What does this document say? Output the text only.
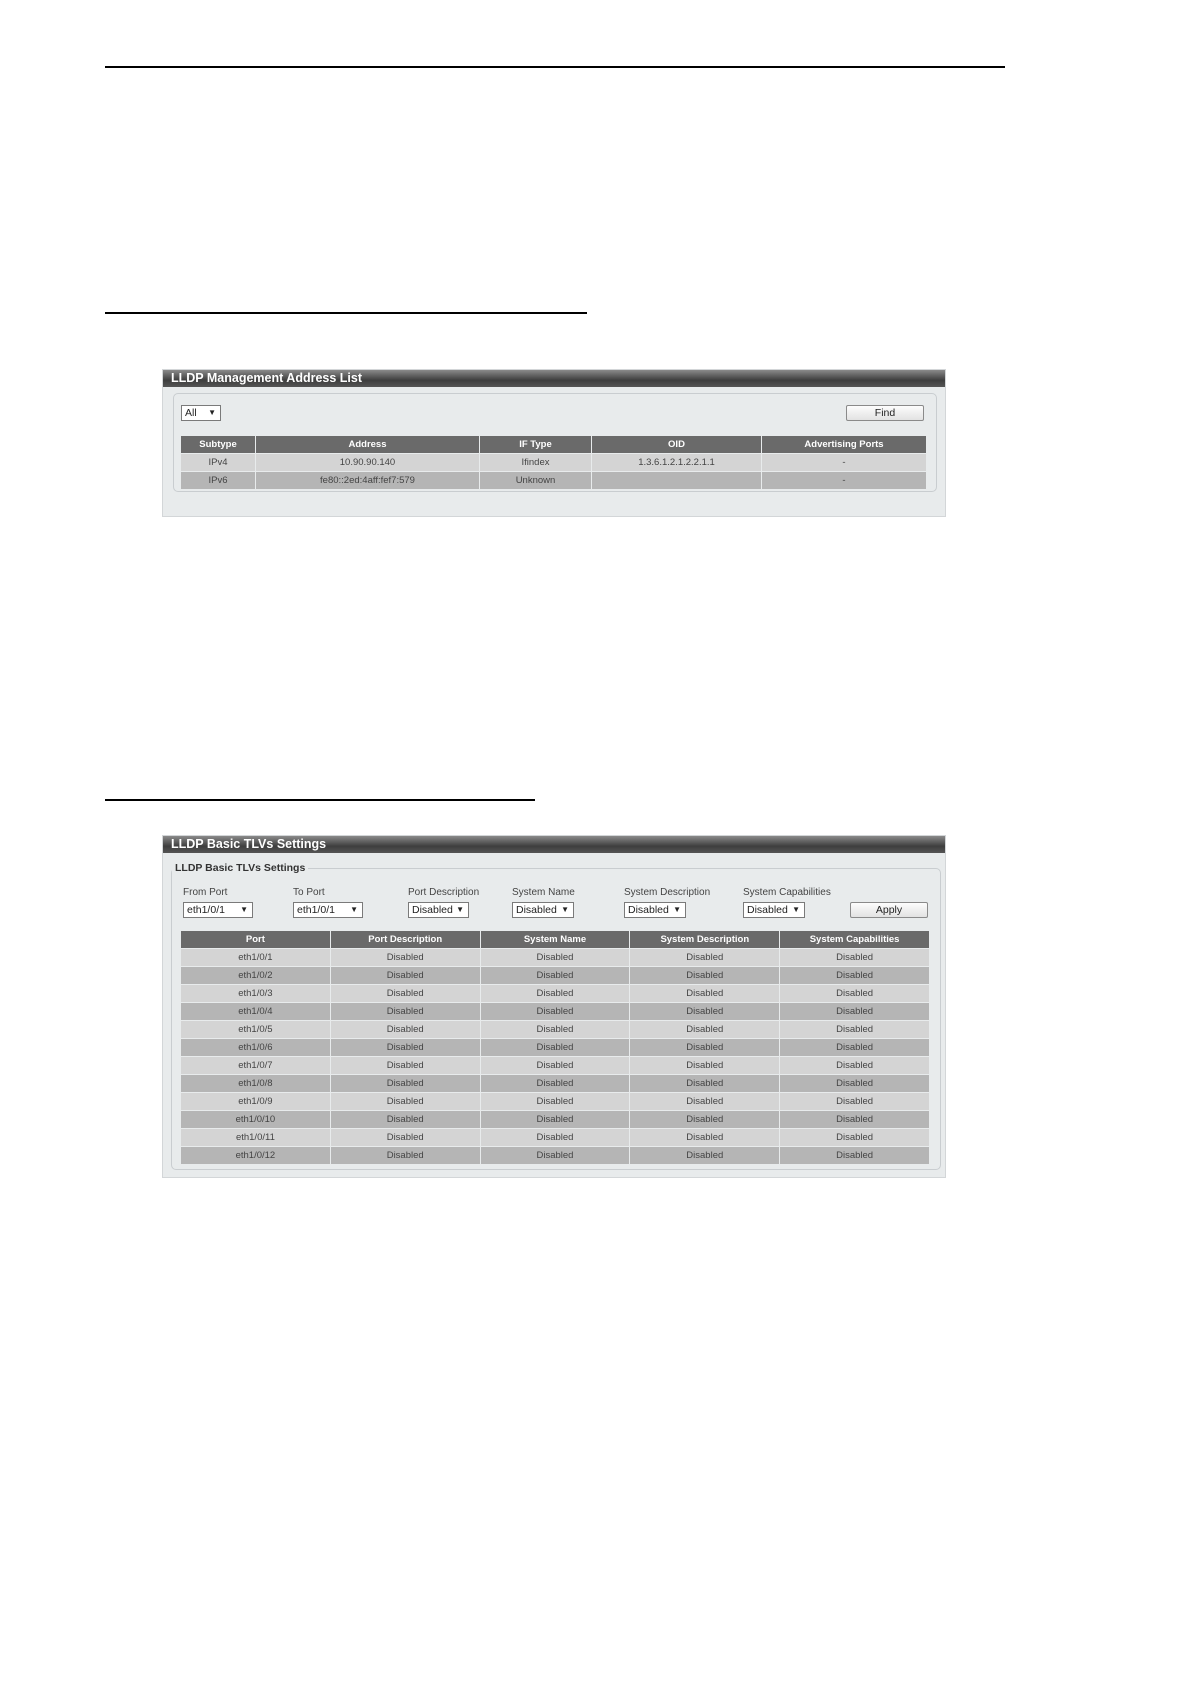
LLDP Management Address List
All ▼	Find
Subtype	Address	IF Type	OID	Advertising Ports
IPv4	10.90.90.140	Ifindex	1.3.6.1.2.1.2.2.1.1	-
IPv6	fe80::2ed:4aff:fef7:579	Unknown		-
LLDP Basic TLVs Settings
LLDP Basic TLVs Settings
From Port
eth1/0/1 ▼
To Port
eth1/0/1 ▼
Port Description
Disabled ▼
System Name
Disabled ▼
System Description
Disabled ▼
System Capabilities
Disabled ▼	Apply
Port	Port Description	System Name	System Description	System Capabilities
eth1/0/1	Disabled	Disabled	Disabled	Disabled
eth1/0/2	Disabled	Disabled	Disabled	Disabled
eth1/0/3	Disabled	Disabled	Disabled	Disabled
eth1/0/4	Disabled	Disabled	Disabled	Disabled
eth1/0/5	Disabled	Disabled	Disabled	Disabled
eth1/0/6	Disabled	Disabled	Disabled	Disabled
eth1/0/7	Disabled	Disabled	Disabled	Disabled
eth1/0/8	Disabled	Disabled	Disabled	Disabled
eth1/0/9	Disabled	Disabled	Disabled	Disabled
eth1/0/10	Disabled	Disabled	Disabled	Disabled
eth1/0/11	Disabled	Disabled	Disabled	Disabled
eth1/0/12	Disabled	Disabled	Disabled	Disabled
